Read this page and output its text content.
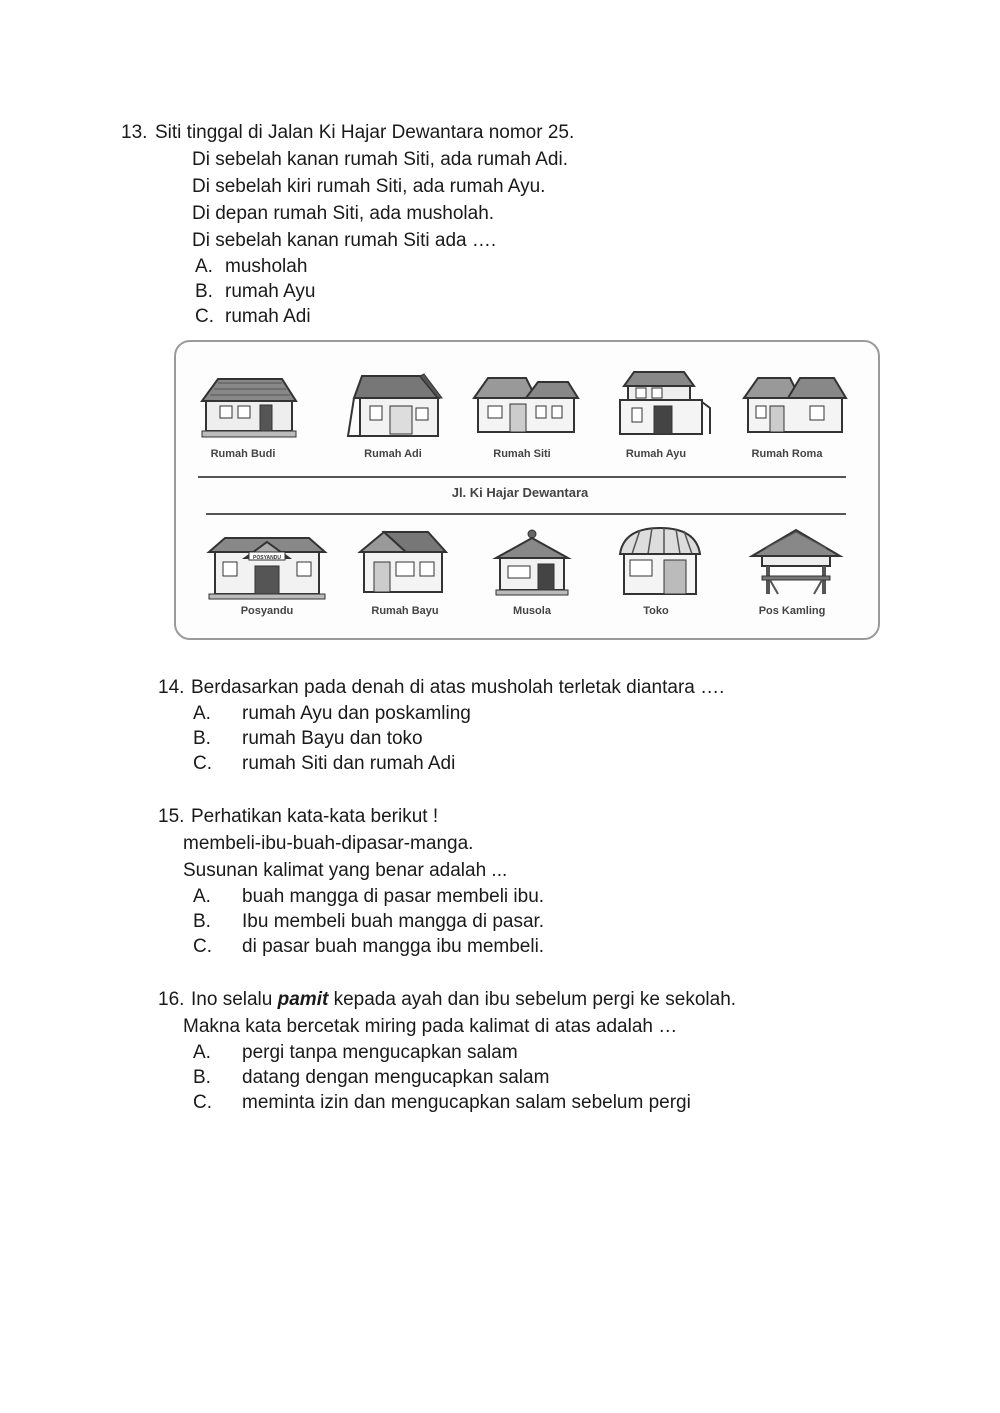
13. Siti tinggal di Jalan Ki Hajar Dewantara nomor 25.
Di sebelah kanan rumah Siti, ada rumah Adi.
Di sebelah kiri rumah Siti, ada rumah Ayu.
Di depan rumah Siti, ada musholah.
Di sebelah kanan rumah Siti ada ….
A. musholah
B. rumah Ayu
C. rumah Adi
Rumah Budi	Rumah Adi	Rumah Siti	Rumah Ayu	Rumah Roma
Jl. Ki Hajar Dewantara
POSYANDU
Posyandu	Rumah Bayu	Musola	Toko	Pos Kamling
14. Berdasarkan pada denah di atas musholah terletak diantara ….
A. rumah Ayu dan poskamling
B. rumah Bayu dan toko
C. rumah Siti dan rumah Adi
15. Perhatikan kata-kata berikut !
membeli-ibu-buah-dipasar-manga.
Susunan kalimat yang benar adalah ...
A. buah mangga di pasar membeli ibu.
B. Ibu membeli buah mangga di pasar.
C. di pasar buah mangga ibu membeli.
16. Ino selalu pamit kepada ayah dan ibu sebelum pergi ke sekolah.
Makna kata bercetak miring pada kalimat di atas adalah …
A. pergi tanpa mengucapkan salam
B. datang dengan mengucapkan salam
C. meminta izin dan mengucapkan salam sebelum pergi
